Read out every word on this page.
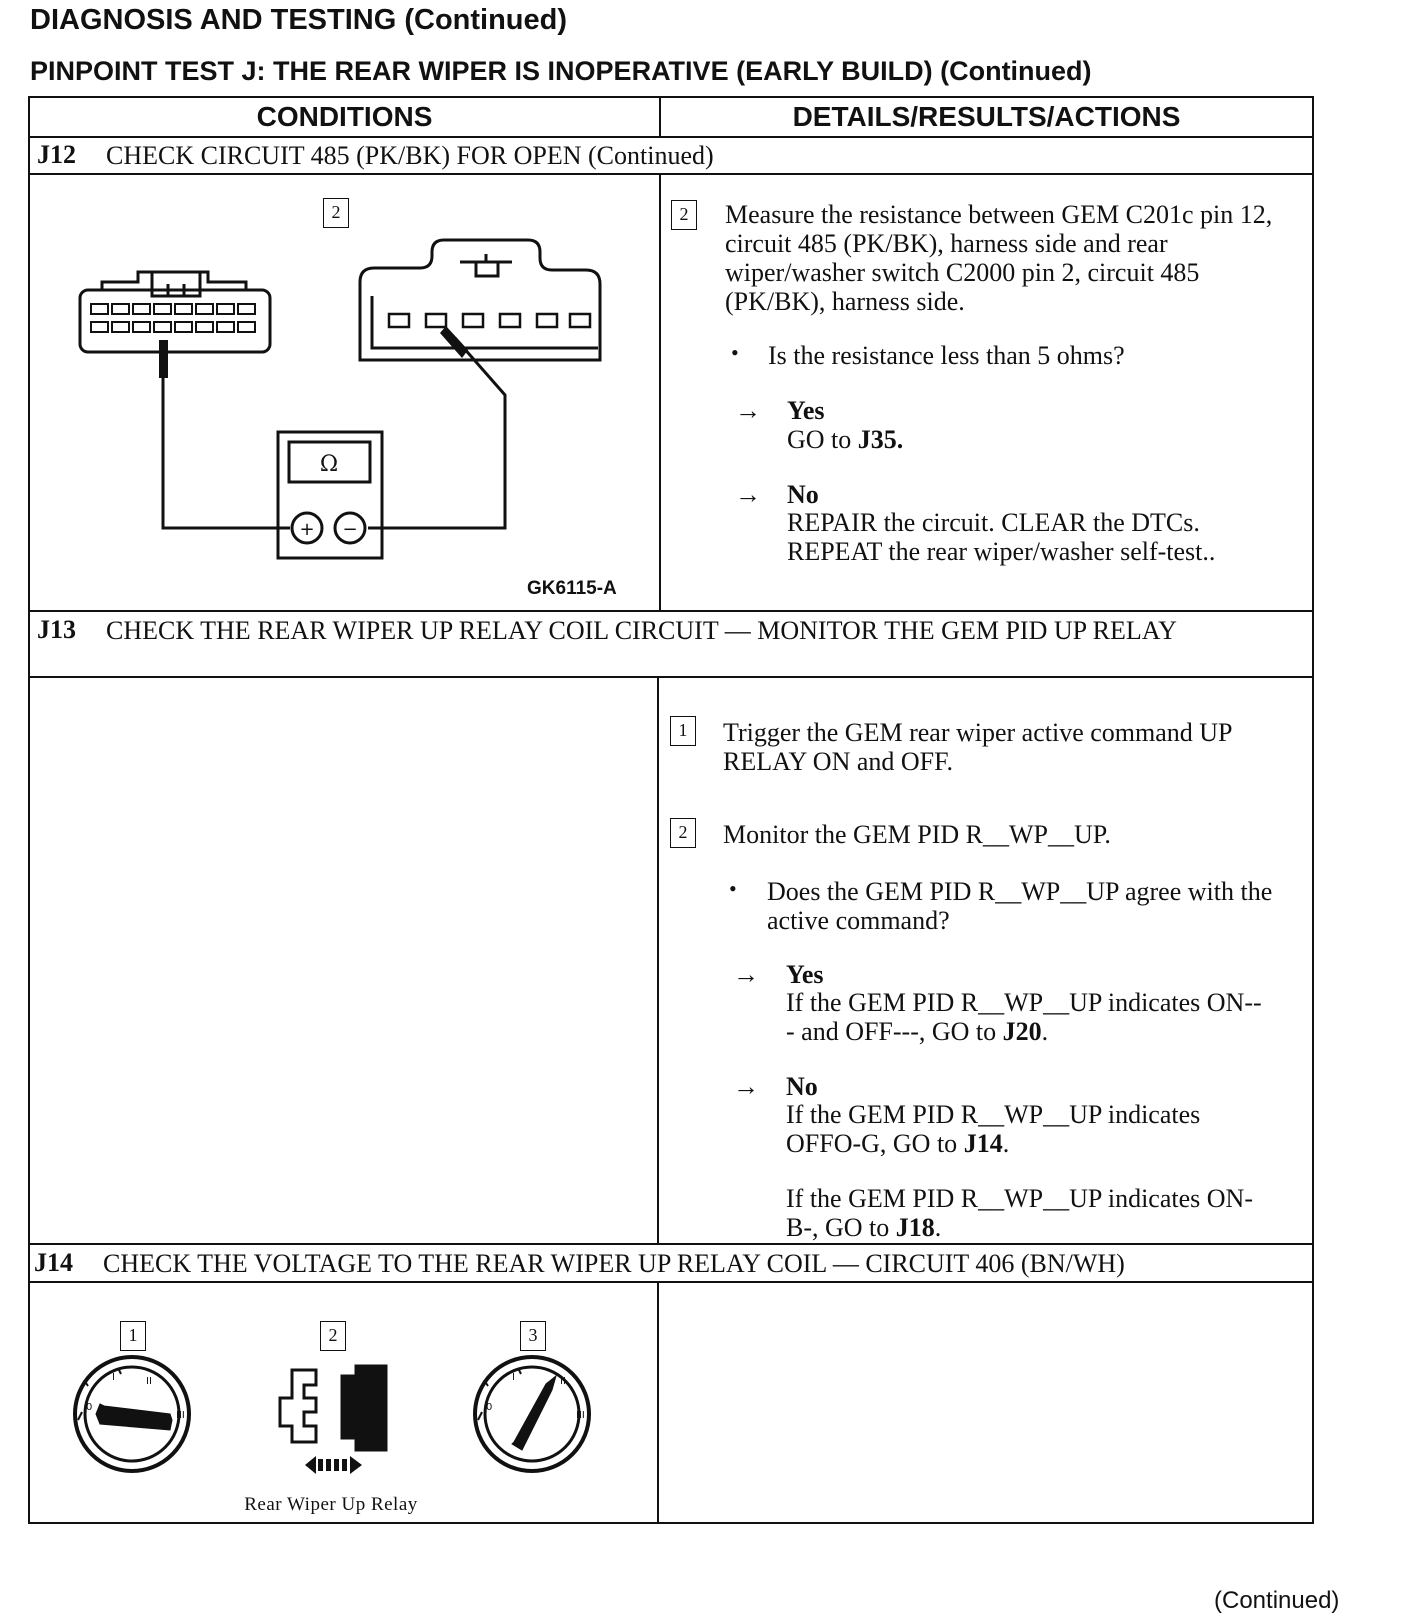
DIAGNOSIS AND TESTING (Continued)
PINPOINT TEST J: THE REAR WIPER IS INOPERATIVE (EARLY BUILD) (Continued)
CONDITIONS	DETAILS/RESULTS/ACTIONS
J12 CHECK CIRCUIT 485 (PK/BK) FOR OPEN (Continued)
2
Ω
+ −
GK6115-A
2	Measure the resistance between GEM C201c pin 12, circuit 485 (PK/BK), harness side and rear wiper/washer switch C2000 pin 2, circuit 485 (PK/BK), harness side.
• Is the resistance less than 5 ohms?
→ Yes
GO to J35.
→ No
REPAIR the circuit. CLEAR the DTCs. REPEAT the rear wiper/washer self-test..
J13 CHECK THE REAR WIPER UP RELAY COIL CIRCUIT — MONITOR THE GEM PID UP RELAY
1	Trigger the GEM rear wiper active command UP RELAY ON and OFF.
2	Monitor the GEM PID R__WP__UP.
• Does the GEM PID R__WP__UP agree with the active command?
→ Yes
If the GEM PID R__WP__UP indicates ON--- and OFF---, GO to J20.
→ No
If the GEM PID R__WP__UP indicates OFFO-G, GO to J14.
If the GEM PID R__WP__UP indicates ON-B-, GO to J18.
J14 CHECK THE VOLTAGE TO THE REAR WIPER UP RELAY COIL — CIRCUIT 406 (BN/WH)
1	2	3
0
I	II
III
0
I	II
III
Rear Wiper Up Relay
(Continued)
